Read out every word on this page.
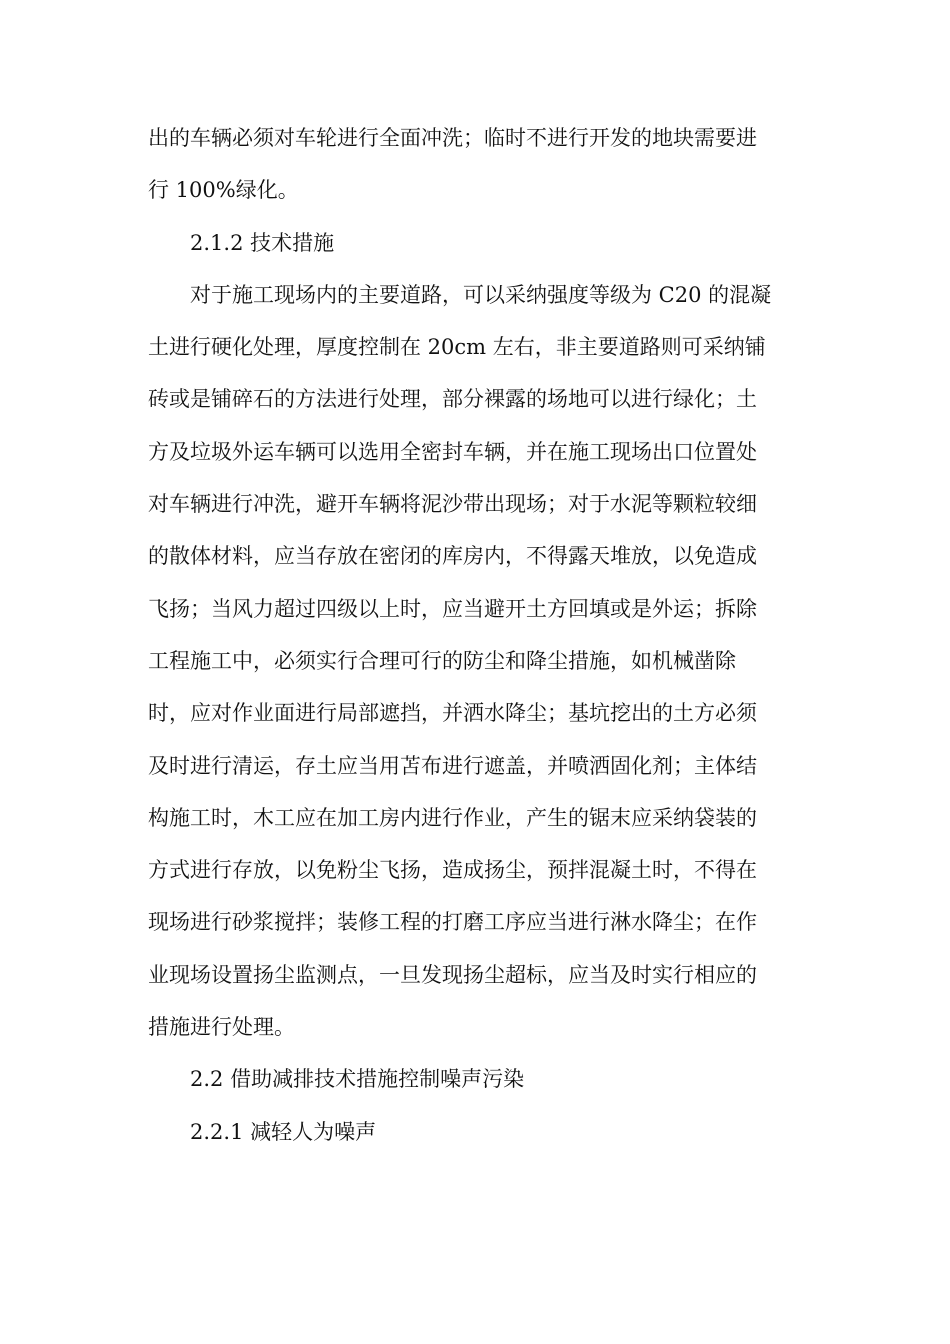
出的车辆必须对车轮进行全面冲洗；临时不进行开发的地块需要进

行 100%绿化。

2.1.2 技术措施

对于施工现场内的主要道路，可以采纳强度等级为 C20 的混凝

土进行硬化处理，厚度控制在 20cm 左右，非主要道路则可采纳铺

砖或是铺碎石的方法进行处理，部分裸露的场地可以进行绿化；土

方及垃圾外运车辆可以选用全密封车辆，并在施工现场出口位置处

对车辆进行冲洗，避开车辆将泥沙带出现场；对于水泥等颗粒较细

的散体材料，应当存放在密闭的库房内，不得露天堆放，以免造成

飞扬；当风力超过四级以上时，应当避开土方回填或是外运；拆除

工程施工中，必须实行合理可行的防尘和降尘措施，如机械凿除

时，应对作业面进行局部遮挡，并洒水降尘；基坑挖出的土方必须

及时进行清运，存土应当用苫布进行遮盖，并喷洒固化剂；主体结

构施工时，木工应在加工房内进行作业，产生的锯末应采纳袋装的

方式进行存放，以免粉尘飞扬，造成扬尘，预拌混凝土时，不得在

现场进行砂浆搅拌；装修工程的打磨工序应当进行淋水降尘；在作

业现场设置扬尘监测点，一旦发现扬尘超标，应当及时实行相应的

措施进行处理。

2.2 借助减排技术措施控制噪声污染

2.2.1 减轻人为噪声
